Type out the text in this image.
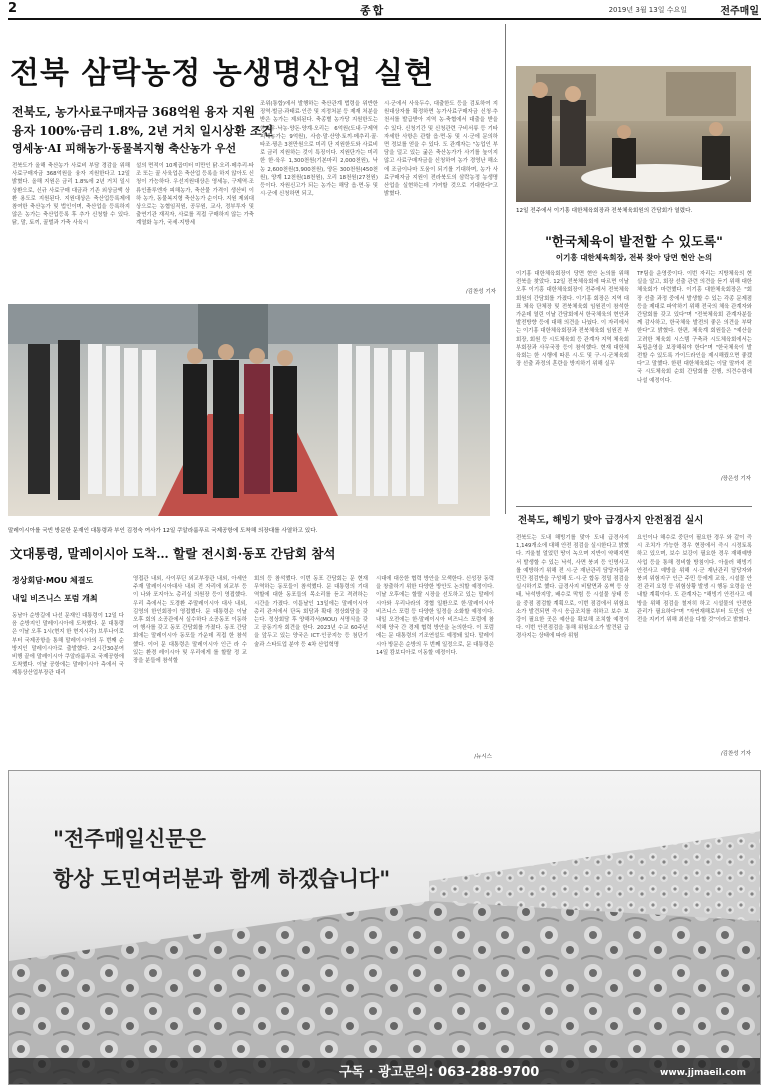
2	종합	2019년 3월 13일 수요일	전주매일
전북 삼락농정 농생명산업 실현
전북도, 농가사료구매자금 368억원 융자 지원
융자 100%·금리 1.8%, 2년 거치 일시상환 조건
영세농·AI 피해농가·동물복지형 축산농가 우선
전북도가 올해 축산농가 사료비 부담 경감을 위해 사료구매자금 368억원을 융자 지원한다고 12일 밝혔다. 올해 지원은 금리 1.8%에 2년 거치 일시상환으로, 신규 사료구매 대금과 기존 외상금액 상환 용도로 지원된다. 지원대상은 축산업등록제에 참여한 축산농가 및 법인이며, 축산업을 등록하지 않은 농가는 축산업등록 후 추가 신청할 수 있다. 닭, 말, 토끼, 꿀벌과 가축 사육시
설의 면적이 10제곱미터 미만인 닭·오리·메추리·타조 또는 꿀 사육업은 축산업 등록을 하지 않아도 신청이 가능하다. 우선지원대상은 영세농, 구제역·조류인플루엔자 피해농가, 축산물 가격이 생산비 이하 농가, 동물복지형 축산농가 순이다. 지원 제외대상으로는 농협임직원, 공무원, 교사, 정부투자 및 출연기관 재직자, 사료를 직접 구매하지 않는 가축계열화 농가, 국세·지방세
조위(통합)에서 발행하는 축산관계 법령을 위반한 징역·벌금·과태료·인증 및 지정처분 등 제재 처분을 받은 농가는 제외된다. 축종별 농가당 지원한도는 한육우·낙농·양돈·양계·오리는 6억원(도내·구제역 피해농가는 9억원), 사슴·말·산양·토끼·메추리·꿀·타조·꿩은 3천만원으로 미리 단 지원한도와 사료비로 금리 지원하는 것이 특징이다. 지원단가는 미리한 한·육우 1,300천원(기본마리 2,000천원), 낙농 2,600천원(3,900천원), 양돈 300천원(450천원), 양계 12천원(18천원), 오리 18천원(27천원) 등이다. 자원신고가 되는 농가는 해당 읍·면·동 및 시·군에 신청하면 되고,
시·군에서 사육두수, 대출한도 등을 검토하여 지원대상자를 확정하면 농가사료구매자금 신청·추천서를 발급받아 지역 농·축협에서 대출을 받을 수 있다. 신청기간 및 신청관련 구비서류 등 기타 자세한 사항은 관할 읍·면·동 및 시·군에 문의하면 정보를 얻을 수 있다. 도 관계자는 "농업인 부담을 덜고 있는 굶은 축산농가가 사기를 높이지 않고 사료구매자금을 신청하여 농가 경영난 해소에 조금이나마 도움이 되기를 기대하며, 농가 사료구매자금 지원이 전라북도의 삼락농정 농생명산업을 실현하는데 기여할 것으로 기대한다"고 밝혔다.
/김찬성 기자
12일 전주에서 이기흥 대한체육회장과 전북체육회원의 간담회가 열렸다.
"한국체육이 발전할 수 있도록"
이기흥 대한체육회장, 전북 찾아 당면 현안 논의
이기흥 대한체육회장이 당면 현안 논의를 위해 전북을 찾았다. 12일 전북체육회에 따르면 이날 오후 이기흥 대한체육회장이 전주에서 전북체육회원의 간담회를 가졌다. 이기흥 회장은 지역 대표 체육 단체장 및 전북체육회 임원진이 참석한 가운데 열린 이날 간담회에서 한국체육의 현안과 발전방향 등에 대해 의견을 나눴다. 이 자리에서는 이기흥 대한체육회장과 전북체육회 임원진 부회장, 회원 등 시도체육회 등 관계자 지역 체육회 부회장과 사무국장 등이 참석했다. 현재 대한체육회는 한 시행에 따른 시·도 및 구·시·군체육회장 선출 과정의 혼란을 방지하기 위해 실무
TF팀을 운영중이다. 이번 자리는 지방체육의 현실을 알고, 회장 선출 관련 의견을 듣기 위해 대한체육회가 마련했다. 이기흥 대한체육회장은 "회장 선출 과정 중에서 발생할 수 있는 각종 문제점 등을 제대로 파악하기 위해 전국의 체육 관계자와 간담회를 갖고 있다"며 "전북체육회 관계자분들께 감사하고, 한국체육 발전의 좋은 의견을 부탁한다"고 밝혔다. 한편, 체육계 회원들은 "예산을 고려한 체육회 시스템 구축과 시도체육회에서는 독립운영을 보장해줘야 한다"며 "한국체육이 발전할 수 있도록 가이드라인을 제시해줬으면 좋겠다"고 말했다. 한편 대한체육회는 이달 말까지 전국 시도체육회 순회 간담회를 진행, 의견수렴에 나설 예정이다.
/장은성 기자
말레이시아를 국빈 방문한 문재인 대통령과 부인 김정숙 여사가 12일 쿠알라룸푸르 국제공항에 도착해 의장대를 사열하고 있다.
文대통령, 말레이시아 도착… 할랄 전시회·동포 간담회 참석
정상회담·MOU 체결도
내일 비즈니스 포럼 개최
동남아 순방길에 나선 문재인 대통령이 12일 다음 순방지인 말레이시아에 도착했다. 문 대통령은 이날 오후 1시(현지 한 현지시각) 브루나이로부터 국제공항을 통해 말레이시아의 두 번째 순방지인 말레이시아로 출발했다. 2시간30분여 비행 끝에 말레이시아 쿠알라룸푸르 국제공항에 도착했다. 이날 공항에는 말레이시아 측에서 국제통상산업부장관 대리
영접관 내외, 사이푸딘 외교부장관 내외, 아세안 주재 말레이시아대사 내외 전 자리에 외교부 등이 나와 포지아노 총리실 의원장 등이 영접했다. 우리 측에서는 도경환 주말레이시아 대사 내외, 김영의 한인회장이 영접했다. 문 대통령은 이날 오후 회의 소공관에서 실수하다 소공동포 이동하여 행사를 갖고 동포 간담회를 가졌다. 동포 간담회에는 말레이시아 동포들 가운데 직접 한 참석 했다. 이어 문 대통령은 말레이시아 인근 라 수 있는 환경 레이시아 및 우리에게 를 할랄 정 교 장을 분들에 참석할
회의 등 참석했다. 이번 동포 간담회는 문 현재 무역하는 동포들이 참석했다. 문 대통령의 기대 역할에 대한 동포들의 목소리를 듣고 격려하는 시간을 가졌다. 이튿날인 13일에는 말레이시아 총리 관저에서 단독 회담과 확대 정상회담을 갖는다. 정상회담 후 양해각서(MOU) 서명식을 갖고 공동기자 회견을 한다. 2023년 수교 60주년을 앞두고 있는 양국은 ICT·인공지능 등 첨단기술과 스타트업 분야 등 4차 산업혁명
시대에 대응한 협력 방안을 모색한다. 신성장 동력을 창출하기 위한 다양한 방안도 논의할 예정이다. 이날 오후에는 할랄 시장을 선도하고 있는 말레이시아와 우리나라의 경협 일환으로 한·말레이시아 비즈니스 포럼 등 다양한 일정을 소화할 예정이다. 내일 오전에는 한·말레이시아 비즈니스 포럼에 참석해 양국 간 경제 협력 방안을 논의한다. 이 포럼에는 문 대통령의 기조연설도 예정돼 있다. 말레이시아 방문은 순방의 두 번째 일정으로, 문 대통령은 14일 캄보디아로 이동할 예정이다.
/뉴시스
전북도, 해빙기 맞아 급경사지 안전점검 실시
전북도는 도내 해빙기를 맞아 도내 급경사지 1,149개소에 대해 안전 점검을 실시한다고 밝혔다. 겨울철 얼었던 땅이 녹으며 지반이 약해지면서 발생할 수 있는 낙석, 사면 붕괴 등 인명사고를 예방하기 위해 전 시·군 재난관리 담당자들과 민간 점검반을 구성해 도·시·군 합동 정밀 점검을 실시하기로 했다. 급경사지 비탈면과 옹벽 등 상태, 낙석방지망, 배수로 막힘 등 시설물 상태 등을 중점 점검할 계획으로, 이번 점검에서 위험요소가 발견되면 즉시 응급조치를 취하고 보수 보강이 필요한 곳은 예산을 확보해 조치할 예정이다. 이번 안전점검을 통해 위험요소가 발견된 급경사지는 상태에 따라 위험
요인이나 해수로 중단이 필요한 경우 와 같이 즉시 조치가 가능한 경우 현장에서 즉시 시정토록 하고 있으며, 보수 보강이 필요한 경우 재해예방사업 등을 통해 정비할 방침이다. 아울러 해빙기 안전사고 예방을 위해 시·군 재난관리 담당자와 붕괴 위험지구 인근 주민 등에게 교육, 시설물 안전 관리 요령 등 위험상황 발생 시 행동 요령을 안내할 계획이다. 도 관계자는 "해빙기 안전사고 예방을 위해 점검을 철저히 하고 시설물의 안전한 관리가 필요하다"며 "자연재해로부터 도민의 안전을 지키기 위해 최선을 다할 것"이라고 밝혔다.
/김찬성 기자
"전주매일신문은
항상 도민여러분과 함께 하겠습니다"
구독 · 광고문의: 063-288-9700	www.jjmaeil.com
